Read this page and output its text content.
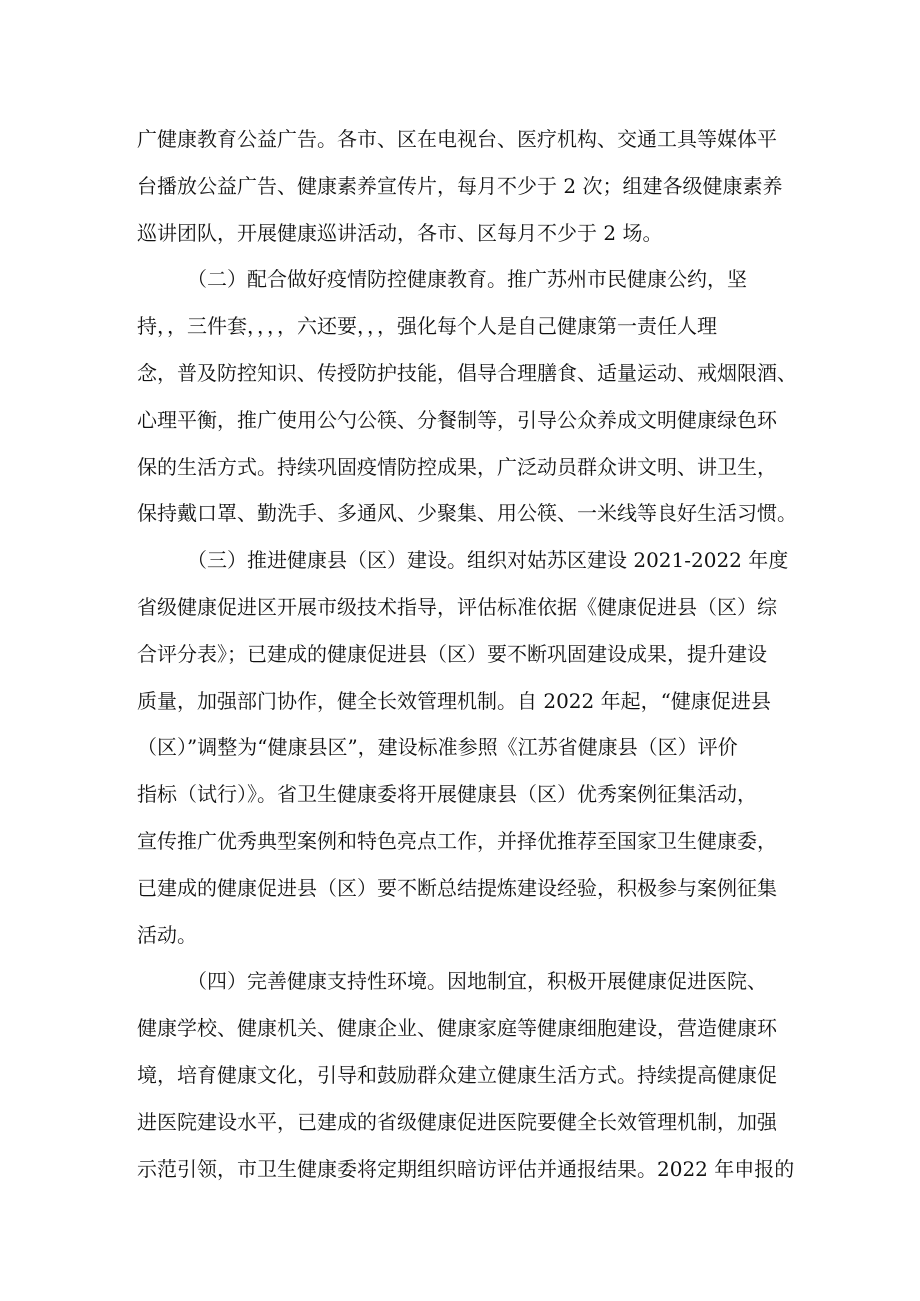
广健康教育公益广告。各市、区在电视台、医疗机构、交通工具等媒体平
台播放公益广告、健康素养宣传片，每月不少于 2 次；组建各级健康素养
巡讲团队，开展健康巡讲活动，各市、区每月不少于 2 场。
（二）配合做好疫情防控健康教育。推广苏州市民健康公约，坚
持，，三件套，，，，六还要，，，强化每个人是自己健康第一责任人理
念，普及防控知识、传授防护技能，倡导合理膳食、适量运动、戒烟限酒、
心理平衡，推广使用公勺公筷、分餐制等，引导公众养成文明健康绿色环
保的生活方式。持续巩固疫情防控成果，广泛动员群众讲文明、讲卫生，
保持戴口罩、勤洗手、多通风、少聚集、用公筷、一米线等良好生活习惯。
（三）推进健康县（区）建设。组织对姑苏区建设 2021-2022 年度
省级健康促进区开展市级技术指导，评估标准依据《健康促进县（区）综
合评分表》；已建成的健康促进县（区）要不断巩固建设成果，提升建设
质量，加强部门协作，健全长效管理机制。自 2022 年起，“健康促进县
（区）”调整为“健康县区”，建设标准参照《江苏省健康县（区）评价
指标（试行）》。省卫生健康委将开展健康县（区）优秀案例征集活动，
宣传推广优秀典型案例和特色亮点工作，并择优推荐至国家卫生健康委，
已建成的健康促进县（区）要不断总结提炼建设经验，积极参与案例征集
活动。
（四）完善健康支持性环境。因地制宜，积极开展健康促进医院、
健康学校、健康机关、健康企业、健康家庭等健康细胞建设，营造健康环
境，培育健康文化，引导和鼓励群众建立健康生活方式。持续提高健康促
进医院建设水平，已建成的省级健康促进医院要健全长效管理机制，加强
示范引领，市卫生健康委将定期组织暗访评估并通报结果。2022 年申报的
